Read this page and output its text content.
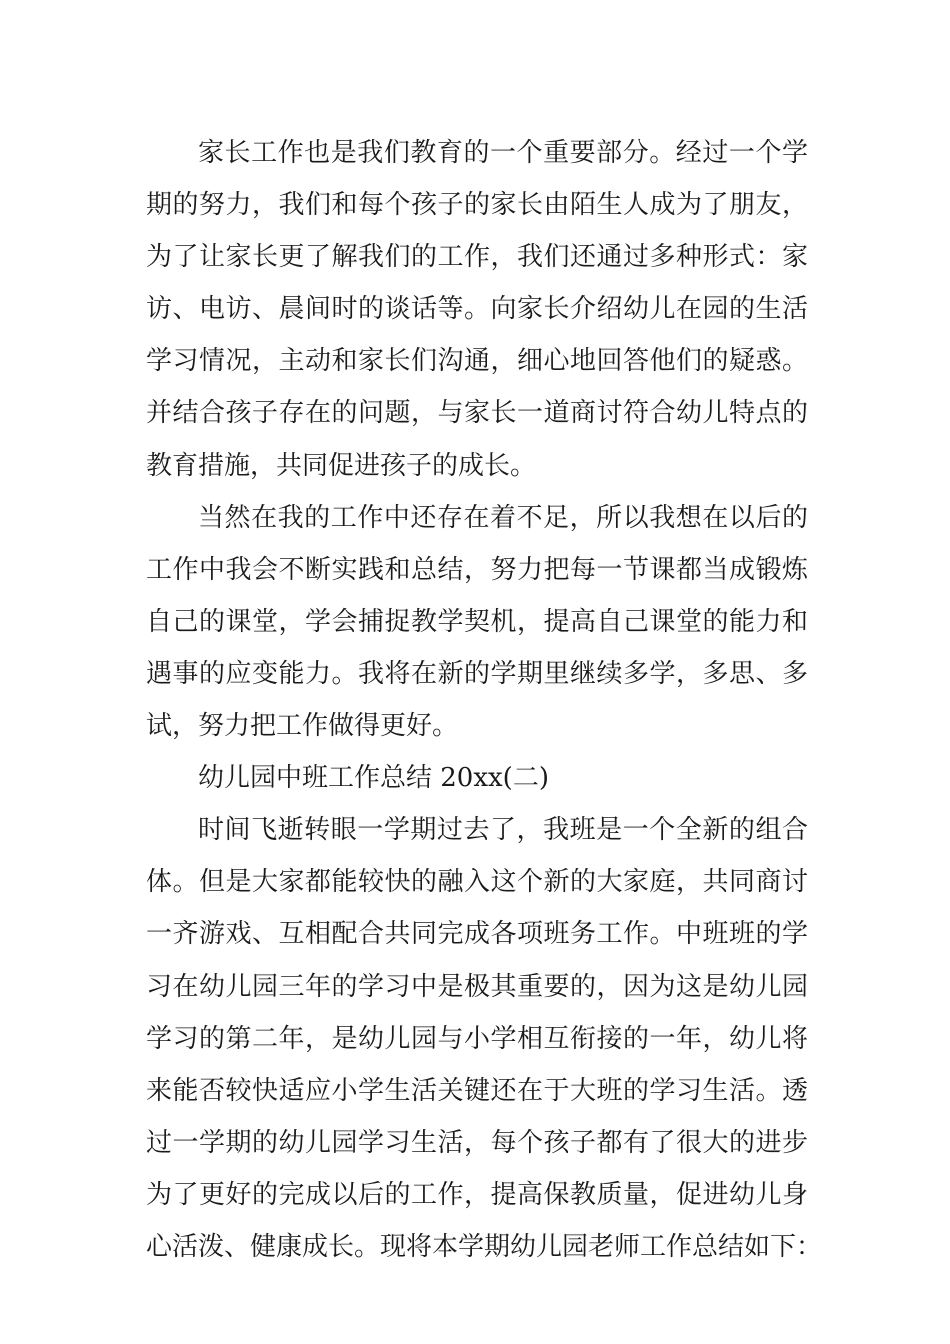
家长工作也是我们教育的一个重要部分。经过一个学
期的努力，我们和每个孩子的家长由陌生人成为了朋友，
为了让家长更了解我们的工作，我们还通过多种形式：家
访、电访、晨间时的谈话等。向家长介绍幼儿在园的生活
学习情况，主动和家长们沟通，细心地回答他们的疑惑。
并结合孩子存在的问题，与家长一道商讨符合幼儿特点的
教育措施，共同促进孩子的成长。
当然在我的工作中还存在着不足，所以我想在以后的
工作中我会不断实践和总结，努力把每一节课都当成锻炼
自己的课堂，学会捕捉教学契机，提高自己课堂的能力和
遇事的应变能力。我将在新的学期里继续多学，多思、多
试，努力把工作做得更好。
幼儿园中班工作总结 20xx(二)
时间飞逝转眼一学期过去了，我班是一个全新的组合
体。但是大家都能较快的融入这个新的大家庭，共同商讨
一齐游戏、互相配合共同完成各项班务工作。中班班的学
习在幼儿园三年的学习中是极其重要的，因为这是幼儿园
学习的第二年，是幼儿园与小学相互衔接的一年，幼儿将
来能否较快适应小学生活关键还在于大班的学习生活。透
过一学期的幼儿园学习生活，每个孩子都有了很大的进步
为了更好的完成以后的工作，提高保教质量，促进幼儿身
心活泼、健康成长。现将本学期幼儿园老师工作总结如下：
